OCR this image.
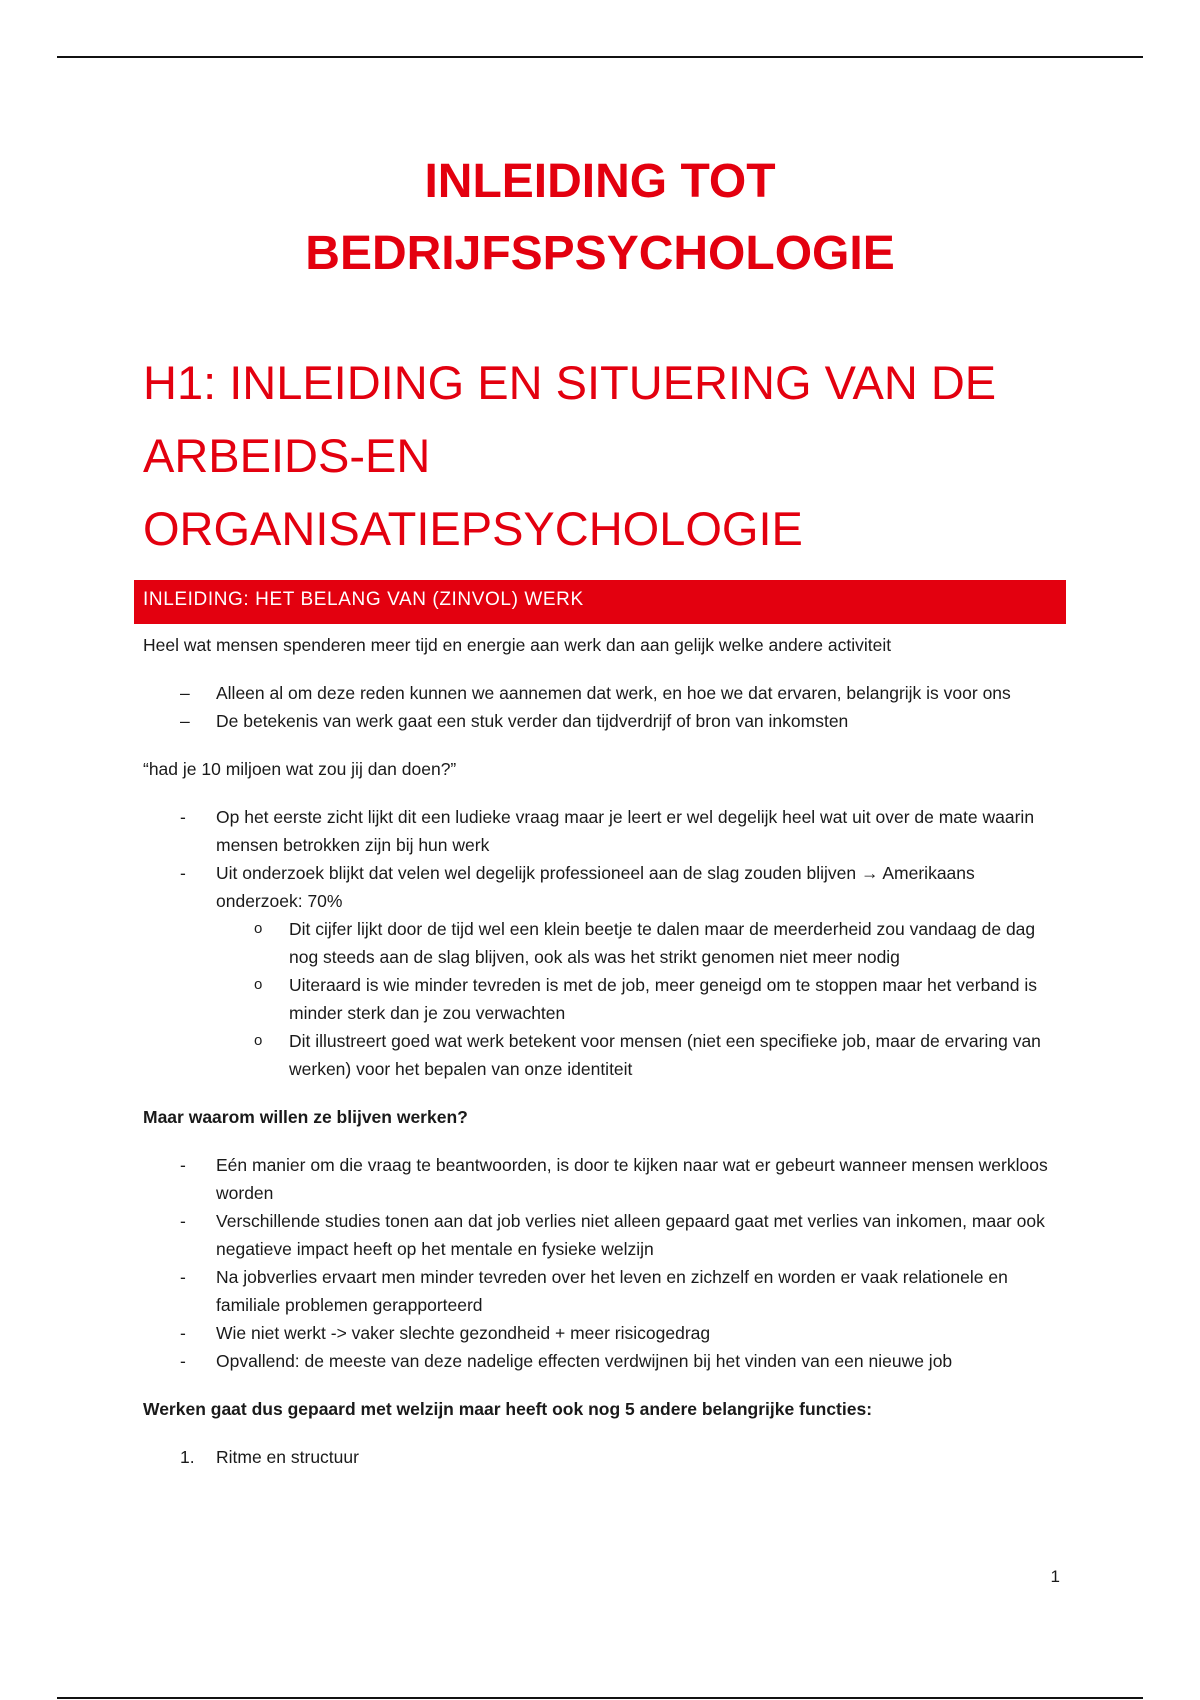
INLEIDING TOT
BEDRIJFSPSYCHOLOGIE
H1: INLEIDING EN SITUERING VAN DE
ARBEIDS-EN
ORGANISATIEPSYCHOLOGIE
INLEIDING: HET BELANG VAN (ZINVOL) WERK

Heel wat mensen spenderen meer tijd en energie aan werk dan aan gelijk welke andere activiteit

– Alleen al om deze reden kunnen we aannemen dat werk, en hoe we dat ervaren, belangrijk is voor ons
– De betekenis van werk gaat een stuk verder dan tijdverdrijf of bron van inkomsten

“had je 10 miljoen wat zou jij dan doen?”

- Op het eerste zicht lijkt dit een ludieke vraag maar je leert er wel degelijk heel wat uit over de mate waarin mensen betrokken zijn bij hun werk
- Uit onderzoek blijkt dat velen wel degelijk professioneel aan de slag zouden blijven → Amerikaans onderzoek: 70%
o Dit cijfer lijkt door de tijd wel een klein beetje te dalen maar de meerderheid zou vandaag de dag nog steeds aan de slag blijven, ook als was het strikt genomen niet meer nodig
o Uiteraard is wie minder tevreden is met de job, meer geneigd om te stoppen maar het verband is minder sterk dan je zou verwachten
o Dit illustreert goed wat werk betekent voor mensen (niet een specifieke job, maar de ervaring van werken) voor het bepalen van onze identiteit

Maar waarom willen ze blijven werken?

- Eén manier om die vraag te beantwoorden, is door te kijken naar wat er gebeurt wanneer mensen werkloos worden
- Verschillende studies tonen aan dat job verlies niet alleen gepaard gaat met verlies van inkomen, maar ook negatieve impact heeft op het mentale en fysieke welzijn
- Na jobverlies ervaart men minder tevreden over het leven en zichzelf en worden er vaak relationele en familiale problemen gerapporteerd
- Wie niet werkt -> vaker slechte gezondheid + meer risicogedrag
- Opvallend: de meeste van deze nadelige effecten verdwijnen bij het vinden van een nieuwe job

Werken gaat dus gepaard met welzijn maar heeft ook nog 5 andere belangrijke functies:

1. Ritme en structuur
1
